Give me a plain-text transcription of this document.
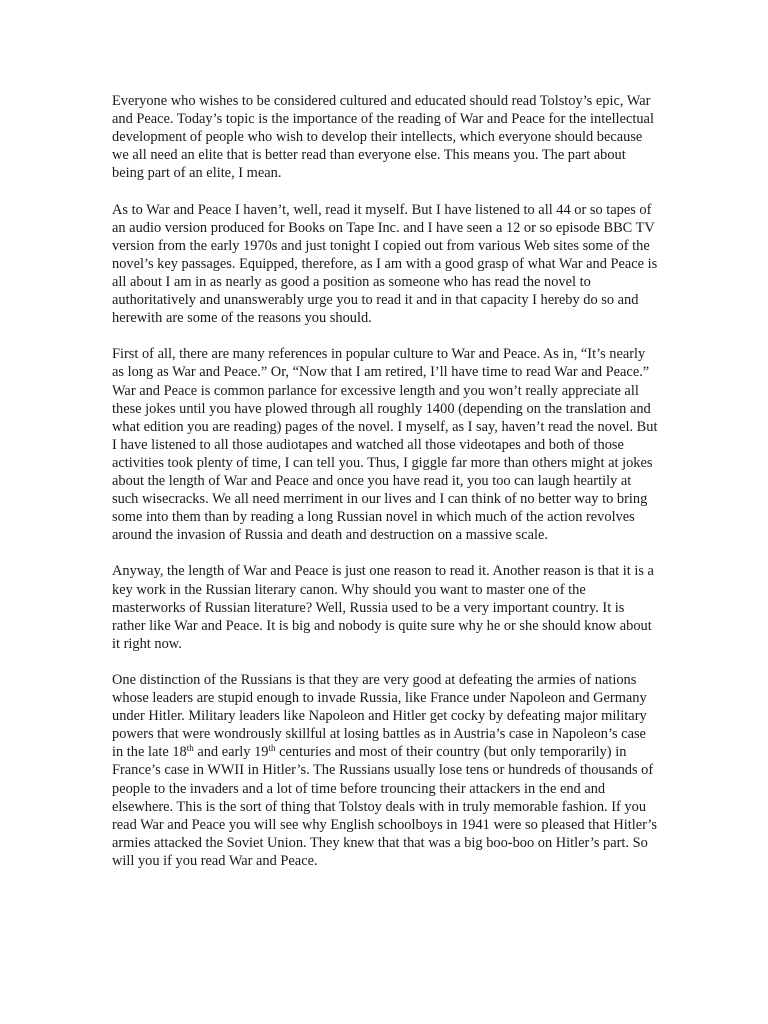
Everyone who wishes to be considered cultured and educated should read Tolstoy’s epic, War and Peace. Today’s topic is the importance of the reading of War and Peace for the intellectual development of people who wish to develop their intellects, which everyone should because we all need an elite that is better read than everyone else. This means you. The part about being part of an elite, I mean.

As to War and Peace I haven’t, well, read it myself. But I have listened to all 44 or so tapes of an audio version produced for Books on Tape Inc. and I have seen a 12 or so episode BBC TV version from the early 1970s and just tonight I copied out from various Web sites some of the novel’s key passages. Equipped, therefore, as I am with a good grasp of what War and Peace is all about I am in as nearly as good a position as someone who has read the novel to authoritatively and unanswerably urge you to read it and in that capacity I hereby do so and herewith are some of the reasons you should.

First of all, there are many references in popular culture to War and Peace. As in, “It’s nearly as long as War and Peace.” Or, “Now that I am retired, I’ll have time to read War and Peace.” War and Peace is common parlance for excessive length and you won’t really appreciate all these jokes until you have plowed through all roughly 1400 (depending on the translation and what edition you are reading) pages of the novel. I myself, as I say, haven’t read the novel. But I have listened to all those audiotapes and watched all those videotapes and both of those activities took plenty of time, I can tell you. Thus, I giggle far more than others might at jokes about the length of War and Peace and once you have read it, you too can laugh heartily at such wisecracks. We all need merriment in our lives and I can think of no better way to bring some into them than by reading a long Russian novel in which much of the action revolves around the invasion of Russia and death and destruction on a massive scale.

Anyway, the length of War and Peace is just one reason to read it. Another reason is that it is a key work in the Russian literary canon. Why should you want to master one of the masterworks of Russian literature? Well, Russia used to be a very important country. It is rather like War and Peace. It is big and nobody is quite sure why he or she should know about it right now.

One distinction of the Russians is that they are very good at defeating the armies of nations whose leaders are stupid enough to invade Russia, like France under Napoleon and Germany under Hitler. Military leaders like Napoleon and Hitler get cocky by defeating major military powers that were wondrously skillful at losing battles as in Austria’s case in Napoleon’s case in the late 18th and early 19th centuries and most of their country (but only temporarily) in France’s case in WWII in Hitler’s. The Russians usually lose tens or hundreds of thousands of people to the invaders and a lot of time before trouncing their attackers in the end and elsewhere. This is the sort of thing that Tolstoy deals with in truly memorable fashion. If you read War and Peace you will see why English schoolboys in 1941 were so pleased that Hitler’s armies attacked the Soviet Union. They knew that that was a big boo-boo on Hitler’s part. So will you if you read War and Peace.
